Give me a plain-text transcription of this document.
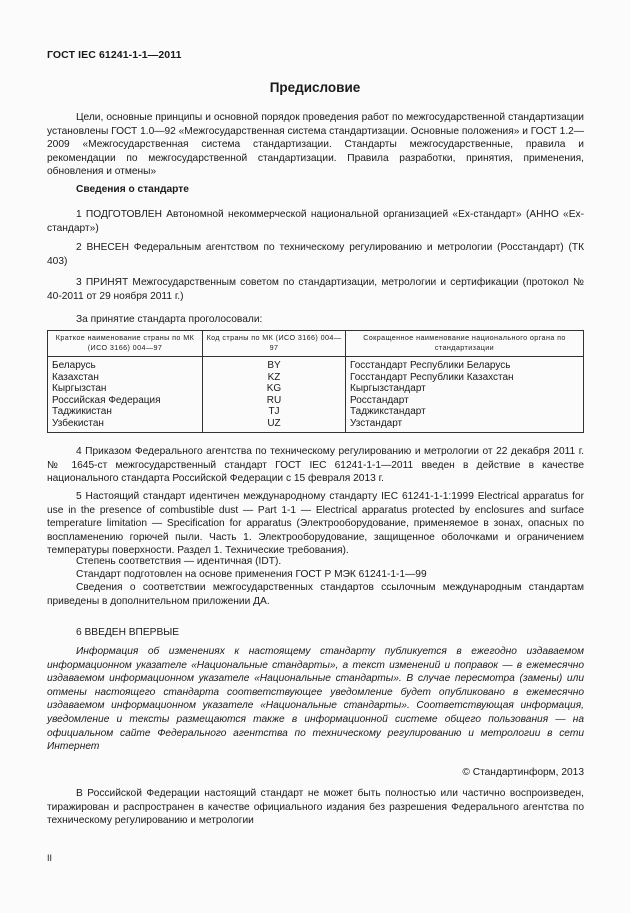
ГОСТ IEC 61241-1-1—2011
Предисловие

Цели, основные принципы и основной порядок проведения работ по межгосударственной стандартизации установлены ГОСТ 1.0—92 «Межгосударственная система стандартизации. Основные положения» и ГОСТ 1.2—2009 «Межгосударственная система стандартизации. Стандарты межгосударственные, правила и рекомендации по межгосударственной стандартизации. Правила разработки, принятия, применения, обновления и отмены»

Сведения о стандарте

1 ПОДГОТОВЛЕН Автономной некоммерческой национальной организацией «Ех-стандарт» (АННО «Ех-стандарт»)

2 ВНЕСЕН Федеральным агентством по техническому регулированию и метрологии (Росстандарт) (ТК 403)

3 ПРИНЯТ Межгосударственным советом по стандартизации, метрологии и сертификации (протокол № 40-2011 от 29 ноября 2011 г.)

За принятие стандарта проголосовали:

Краткое наименование страны по МК (ИСО 3166) 004—97	Код страны по МК (ИСО 3166) 004—97	Сокращенное наименование национального органа по стандартизации
Беларусь	BY	Госстандарт Республики Беларусь
Казахстан	KZ	Госстандарт Республики Казахстан
Кыргызстан	KG	Кыргызстандарт
Российская Федерация	RU	Росстандарт
Таджикистан	TJ	Таджикстандарт
Узбекистан	UZ	Узстандарт

4 Приказом Федерального агентства по техническому регулированию и метрологии от 22 декабря 2011 г. № 1645-ст межгосударственный стандарт ГОСТ IEC 61241-1-1—2011 введен в действие в качестве национального стандарта Российской Федерации с 15 февраля 2013 г.

5 Настоящий стандарт идентичен международному стандарту IEC 61241-1-1:1999 Electrical apparatus for use in the presence of combustible dust — Part 1-1 — Electrical apparatus protected by enclosures and surface temperature limitation — Specification for apparatus (Электрооборудование, применяемое в зонах, опасных по воспламенению горючей пыли. Часть 1. Электрооборудование, защищенное оболочками и ограничением температуры поверхности. Раздел 1. Технические требования).

Степень соответствия — идентичная (IDT).

Стандарт подготовлен на основе применения ГОСТ Р МЭК 61241-1-1—99

Сведения о соответствии межгосударственных стандартов ссылочным международным стандартам приведены в дополнительном приложении ДА.

6 ВВЕДЕН ВПЕРВЫЕ

Информация об изменениях к настоящему стандарту публикуется в ежегодно издаваемом информационном указателе «Национальные стандарты», а текст изменений и поправок — в ежемесячно издаваемом информационном указателе «Национальные стандарты». В случае пересмотра (замены) или отмены настоящего стандарта соответствующее уведомление будет опубликовано в ежемесячно издаваемом информационном указателе «Национальные стандарты». Соответствующая информация, уведомление и тексты размещаются также в информационной системе общего пользования — на официальном сайте Федерального агентства по техническому регулированию и метрологии в сети Интернет

© Стандартинформ, 2013

В Российской Федерации настоящий стандарт не может быть полностью или частично воспроизведен, тиражирован и распространен в качестве официального издания без разрешения Федерального агентства по техническому регулированию и метрологии

II
